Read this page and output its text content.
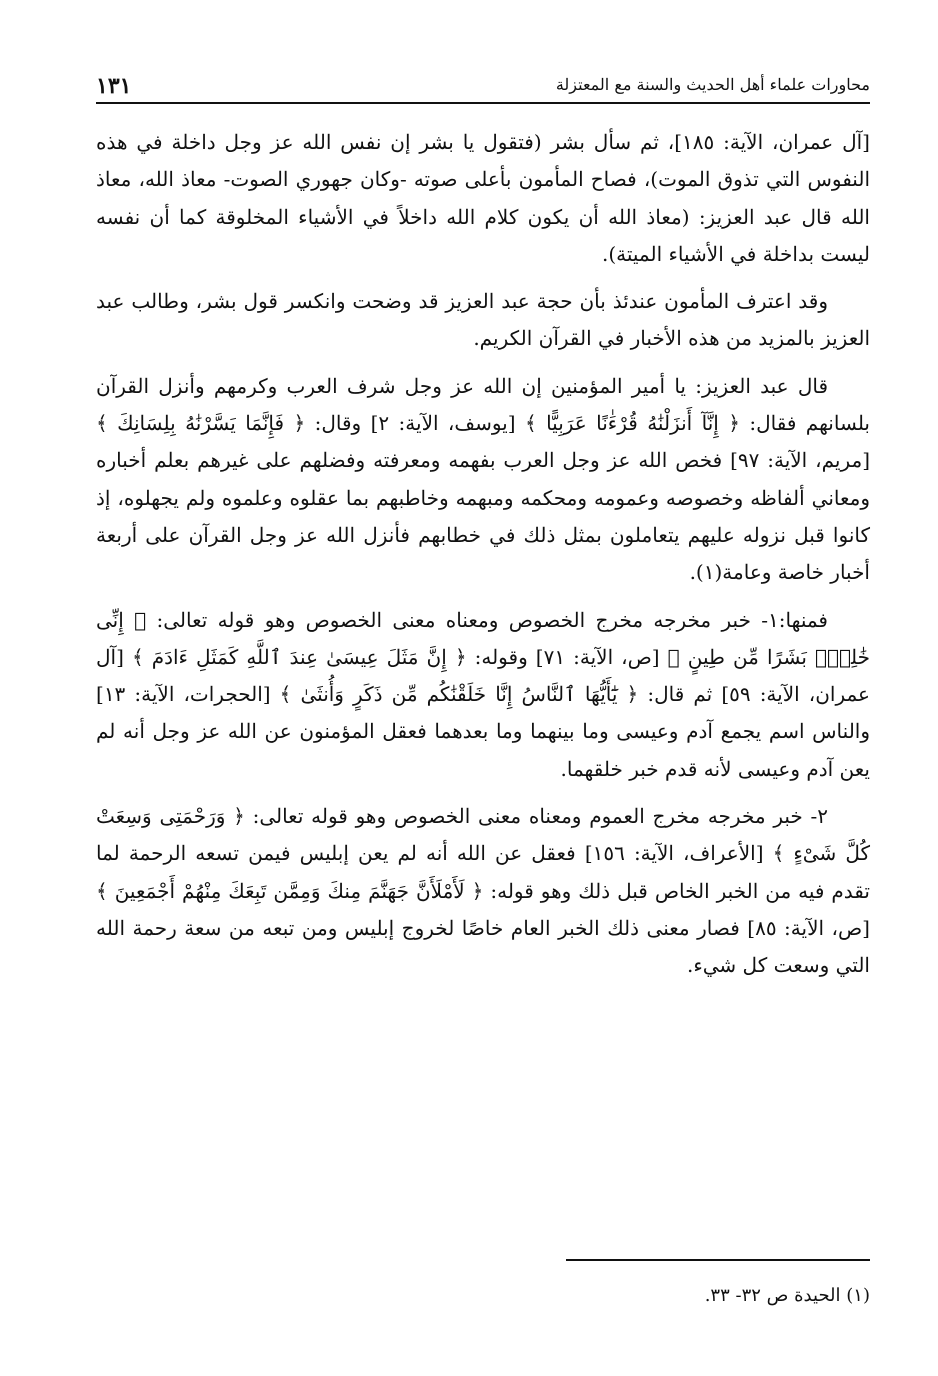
محاورات علماء أهل الحديث والسنة مع المعتزلة
١٣١

[آل عمران، الآية: ١٨٥]، ثم سأل بشر (فتقول يا بشر إن نفس الله عز وجل داخلة في هذه النفوس التي تذوق الموت)، فصاح المأمون بأعلى صوته -وكان جهوري الصوت- معاذ الله، معاذ الله قال عبد العزيز: (معاذ الله أن يكون كلام الله داخلاً في الأشياء المخلوقة كما أن نفسه ليست بداخلة في الأشياء الميتة).

وقد اعترف المأمون عندئذ بأن حجة عبد العزيز قد وضحت وانكسر قول بشر، وطالب عبد العزيز بالمزيد من هذه الأخبار في القرآن الكريم.

قال عبد العزيز: يا أمير المؤمنين إن الله عز وجل شرف العرب وكرمهم وأنزل القرآن بلسانهم فقال: ﴿ إِنَّآ أَنزَلْنَٰهُ قُرْءَٰنًا عَرَبِيًّا ﴾ [يوسف، الآية: ٢] وقال: ﴿ فَإِنَّمَا يَسَّرْنَٰهُ بِلِسَانِكَ ﴾ [مريم، الآية: ٩٧] فخص الله عز وجل العرب بفهمه ومعرفته وفضلهم على غيرهم بعلم أخباره ومعاني ألفاظه وخصوصه وعمومه ومحكمه ومبهمه وخاطبهم بما عقلوه وعلموه ولم يجهلوه، إذ كانوا قبل نزوله عليهم يتعاملون بمثل ذلك في خطابهم فأنزل الله عز وجل القرآن على أربعة أخبار خاصة وعامة(١).

فمنها:١- خبر مخرجه مخرج الخصوص ومعناه معنى الخصوص وهو قوله تعالى: ﴿ إِنِّى خَٰلِقٌۢ بَشَرًا مِّن طِينٍ ﴾ [ص، الآية: ٧١] وقوله: ﴿ إِنَّ مَثَلَ عِيسَىٰ عِندَ ٱللَّهِ كَمَثَلِ ءَادَمَ ﴾ [آل عمران، الآية: ٥٩] ثم قال: ﴿ يَٰٓأَيُّهَا ٱلنَّاسُ إِنَّا خَلَقْنَٰكُم مِّن ذَكَرٍ وَأُنثَىٰ ﴾ [الحجرات، الآية: ١٣] والناس اسم يجمع آدم وعيسى وما بينهما وما بعدهما فعقل المؤمنون عن الله عز وجل أنه لم يعن آدم وعيسى لأنه قدم خبر خلقهما.

٢- خبر مخرجه مخرج العموم ومعناه معنى الخصوص وهو قوله تعالى: ﴿ وَرَحْمَتِى وَسِعَتْ كُلَّ شَىْءٍ ﴾ [الأعراف، الآية: ١٥٦] فعقل عن الله أنه لم يعن إبليس فيمن تسعه الرحمة لما تقدم فيه من الخبر الخاص قبل ذلك وهو قوله: ﴿ لَأَمْلَأَنَّ جَهَنَّمَ مِنكَ وَمِمَّن تَبِعَكَ مِنْهُمْ أَجْمَعِينَ ﴾ [ص، الآية: ٨٥] فصار معنى ذلك الخبر العام خاصًا لخروج إبليس ومن تبعه من سعة رحمة الله التي وسعت كل شيء.

(١) الحيدة ص ٣٢- ٣٣.
